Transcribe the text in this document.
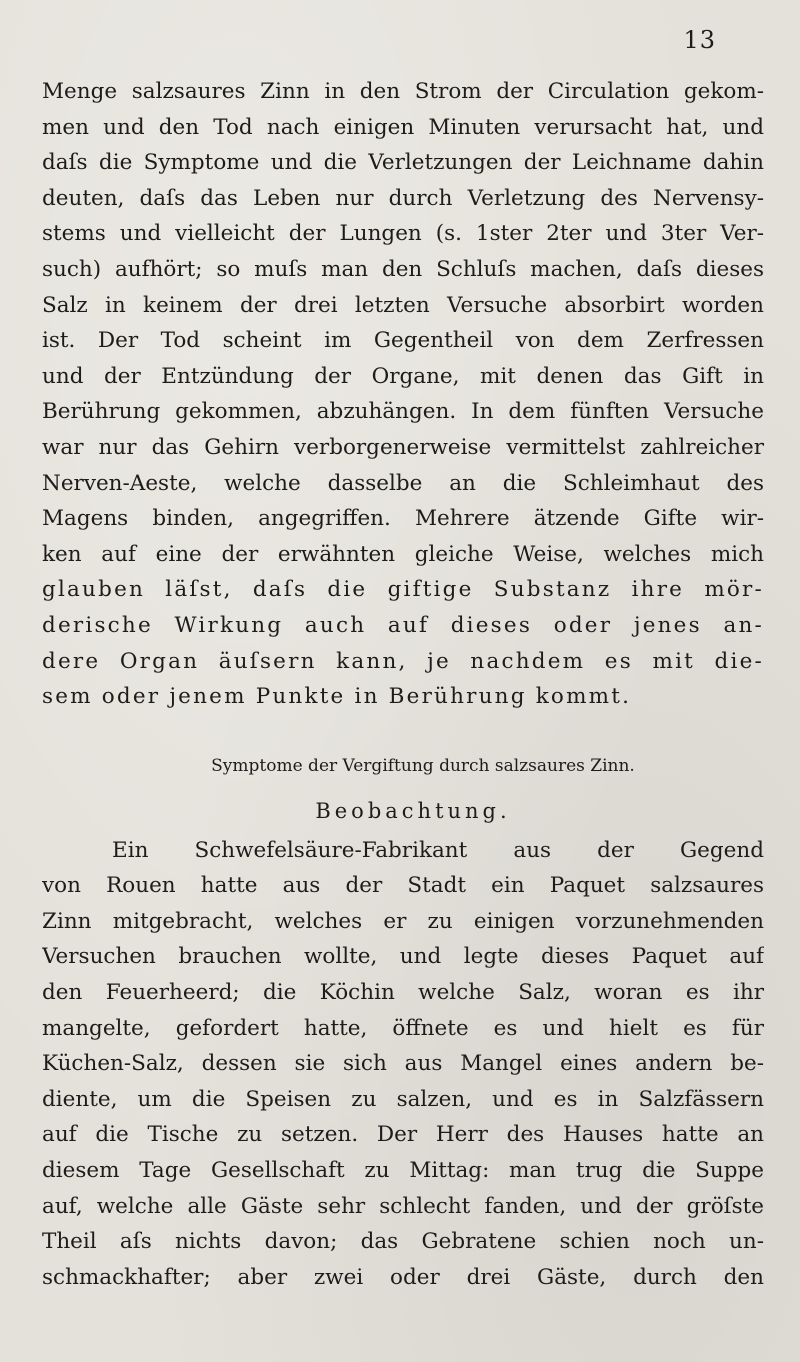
13
Menge salzsaures Zinn in den Strom der Circulation gekom-
men und den Tod nach einigen Minuten verursacht hat, und
daſs die Symptome und die Verletzungen der Leichname dahin
deuten, daſs das Leben nur durch Verletzung des Nervensy-
stems und vielleicht der Lungen (s. 1ster 2ter und 3ter Ver-
such) aufhört; so muſs man den Schluſs machen, daſs dieses
Salz in keinem der drei letzten Versuche absorbirt worden
ist. Der Tod scheint im Gegentheil von dem Zerfressen
und der Entzündung der Organe, mit denen das Gift in
Berührung gekommen, abzuhängen. In dem fünften Versuche
war nur das Gehirn verborgenerweise vermittelst zahlreicher
Nerven-Aeste, welche dasselbe an die Schleimhaut des
Magens binden, angegriffen. Mehrere ätzende Gifte wir-
ken auf eine der erwähnten gleiche Weise, welches mich
glauben läſst, daſs die giftige Substanz ihre mör-
derische Wirkung auch auf dieses oder jenes an-
dere Organ äuſsern kann, je nachdem es mit die-
sem oder jenem Punkte in Berührung kommt.
Symptome der Vergiftung durch salzsaures Zinn.
Beobachtung.
Ein Schwefelsäure-Fabrikant aus der Gegend
von Rouen hatte aus der Stadt ein Paquet salzsaures
Zinn mitgebracht, welches er zu einigen vorzunehmenden
Versuchen brauchen wollte, und legte dieses Paquet auf
den Feuerheerd; die Köchin welche Salz, woran es ihr
mangelte, gefordert hatte, öffnete es und hielt es für
Küchen-Salz, dessen sie sich aus Mangel eines andern be-
diente, um die Speisen zu salzen, und es in Salzfässern
auf die Tische zu setzen. Der Herr des Hauses hatte an
diesem Tage Gesellschaft zu Mittag: man trug die Suppe
auf, welche alle Gäste sehr schlecht fanden, und der gröſste
Theil aſs nichts davon; das Gebratene schien noch un-
schmackhafter; aber zwei oder drei Gäste, durch den
